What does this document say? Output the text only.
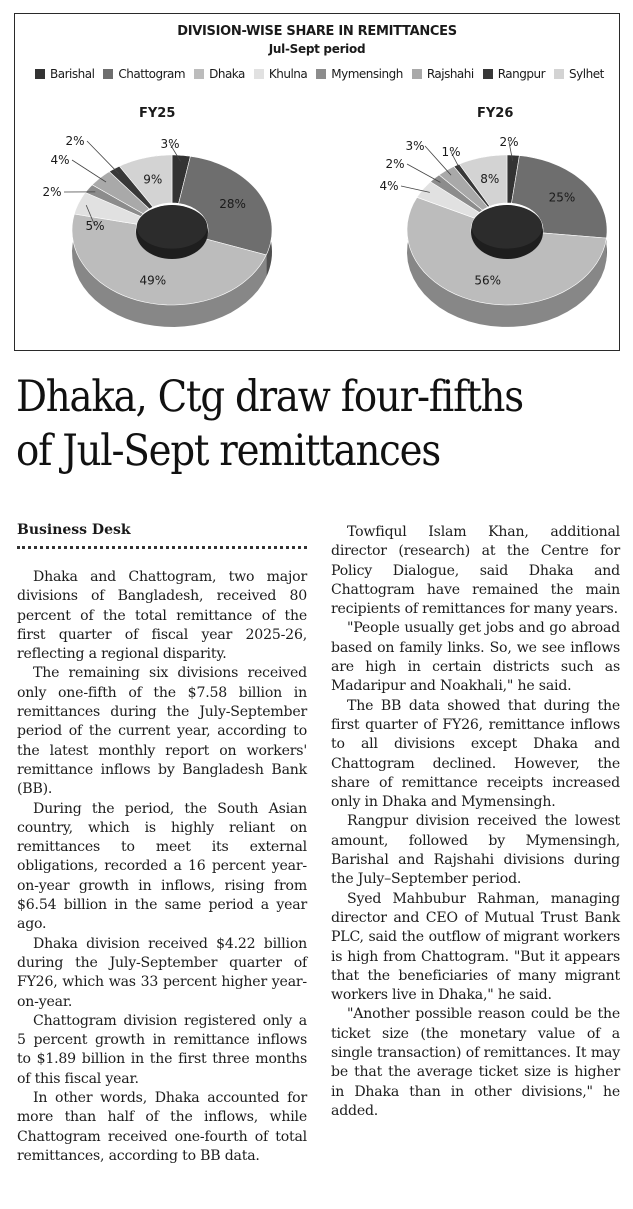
DIVISION-WISE SHARE IN REMITTANCES
Jul-Sept period
Barishal Chattogram Dhaka Khulna Mymensingh Rajshahi Rangpur Sylhet
FY25	FY26
3%
28%
49%
5%
2%
4%
2%
9%
2%
25%
56%
4%
2%
3% 1%
8%
Dhaka, Ctg draw four-fifths
of Jul-Sept remittances
Business Desk

Dhaka and Chattogram, two major divisions of Bangladesh, received 80 percent of the total remittance of the first quarter of fiscal year 2025-26, reflecting a regional disparity.

The remaining six divisions received only one-fifth of the $7.58 billion in remittances during the July-September period of the current year, according to the latest monthly report on workers' remittance inflows by Bangladesh Bank (BB).

During the period, the South Asian country, which is highly reliant on remittances to meet its external obligations, recorded a 16 percent year-on-year growth in inflows, rising from $6.54 billion in the same period a year ago.

Dhaka division received $4.22 billion during the July-September quarter of FY26, which was 33 percent higher year-on-year.

Chattogram division registered only a 5 percent growth in remittance inflows to $1.89 billion in the first three months of this fiscal year.

In other words, Dhaka accounted for more than half of the inflows, while Chattogram received one-fourth of total remittances, according to BB data.

Towfiqul Islam Khan, additional director (research) at the Centre for Policy Dialogue, said Dhaka and Chattogram have remained the main recipients of remittances for many years.

"People usually get jobs and go abroad based on family links. So, we see inflows are high in certain districts such as Madaripur and Noakhali," he said.

The BB data showed that during the first quarter of FY26, remittance inflows to all divisions except Dhaka and Chattogram declined. However, the share of remittance receipts increased only in Dhaka and Mymensingh.

Rangpur division received the lowest amount, followed by Mymensingh, Barishal and Rajshahi divisions during the July–September period.

Syed Mahbubur Rahman, managing director and CEO of Mutual Trust Bank PLC, said the outflow of migrant workers is high from Chattogram. "But it appears that the beneficiaries of many migrant workers live in Dhaka," he said.

"Another possible reason could be the ticket size (the monetary value of a single transaction) of remittances. It may be that the average ticket size is higher in Dhaka than in other divisions," he added.
